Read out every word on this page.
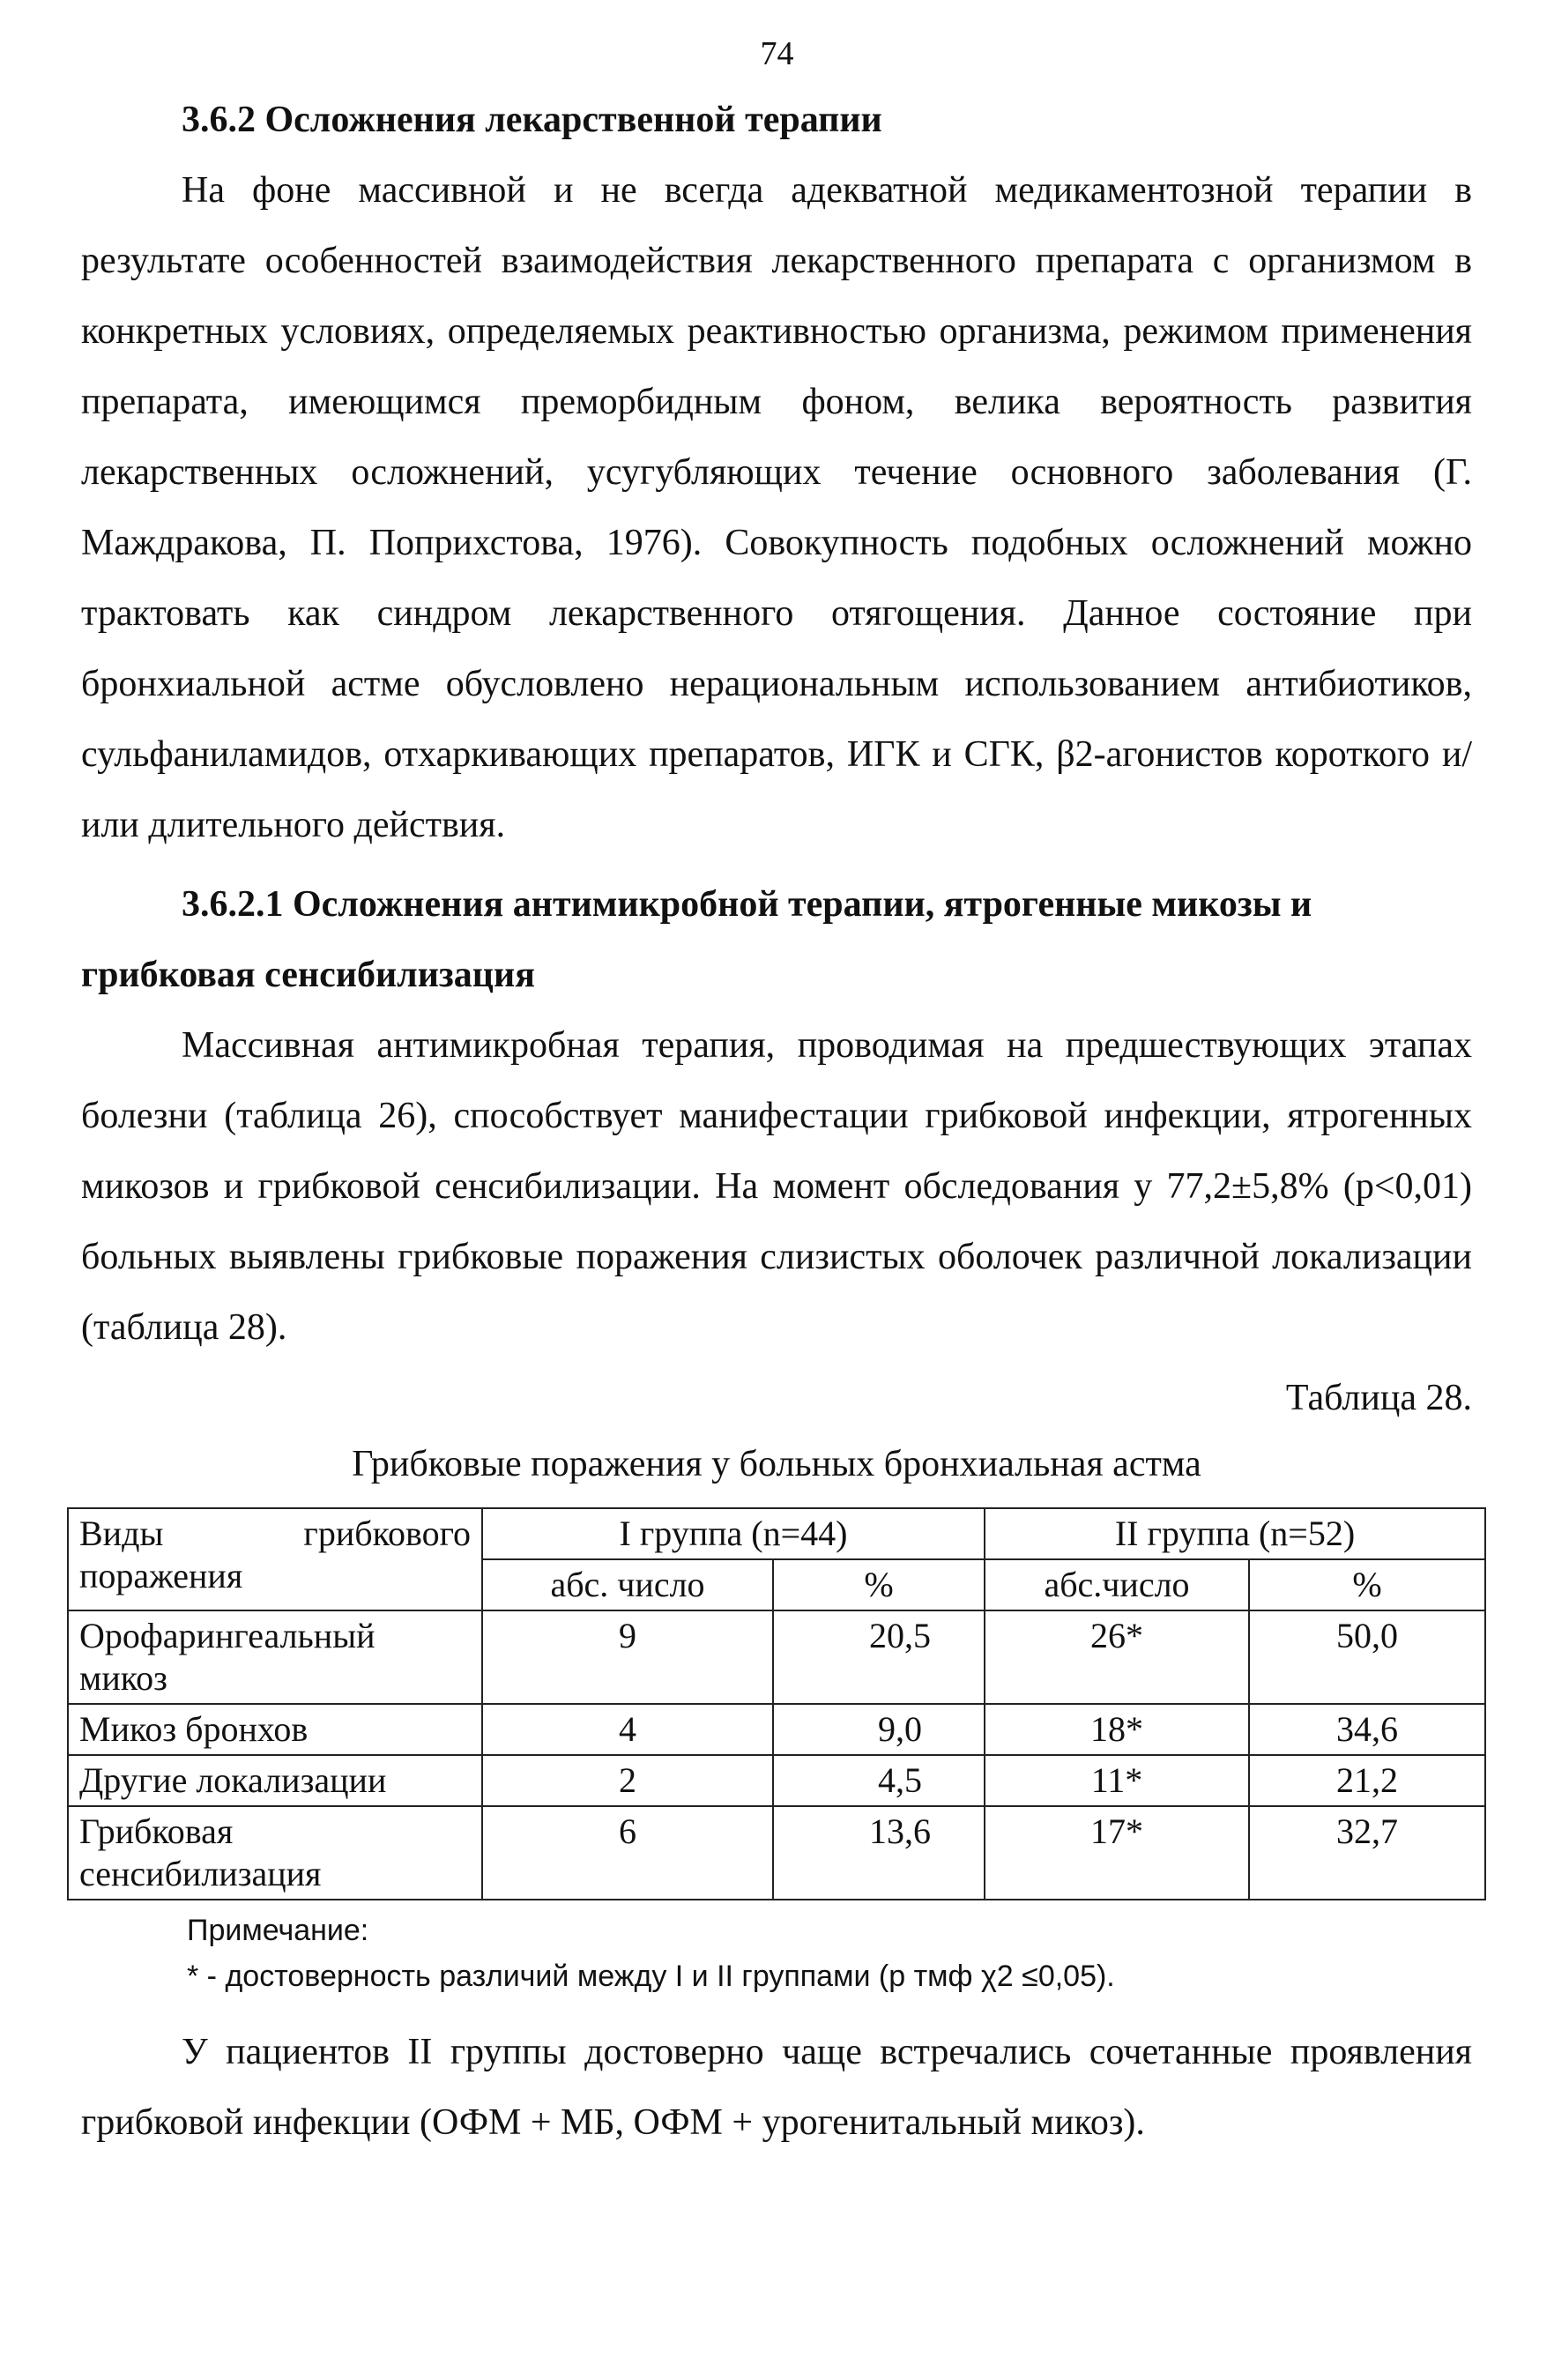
74

3.6.2 Осложнения лекарственной терапии

На фоне массивной и не всегда адекватной медикаментозной терапии в результате особенностей взаимодействия лекарственного препарата с организмом в конкретных условиях, определяемых реактивностью организма, режимом применения препарата, имеющимся преморбидным фоном, велика вероятность развития лекарственных осложнений, усугубляющих течение основного заболевания (Г. Маждракова, П. Поприхстова, 1976). Совокупность подобных осложнений можно трактовать как синдром лекарственного отягощения. Данное состояние при бронхиальной астме обусловлено нерациональным использованием антибиотиков, сульфаниламидов, отхаркивающих препаратов, ИГК и СГК, β2-агонистов короткого и/или длительного действия.

3.6.2.1 Осложнения антимикробной терапии, ятрогенные микозы и грибковая сенсибилизация

Массивная антимикробная терапия, проводимая на предшествующих этапах болезни (таблица 26), способствует манифестации грибковой инфекции, ятрогенных микозов и грибковой сенсибилизации. На момент обследования у 77,2±5,8% (p<0,01) больных выявлены грибковые поражения слизистых оболочек различной локализации (таблица 28).

Таблица 28.

Грибковые поражения у больных бронхиальная астма

Виды грибкового поражения	I группа (n=44)		II группа (n=52)	
	абс. число	%	абс.число	%
Орофарингеальный микоз	9	20,5	26*	50,0
Микоз бронхов	4	9,0	18*	34,6
Другие локализации	2	4,5	11*	21,2
Грибковая сенсибилизация	6	13,6	17*	32,7
Примечание:
* - достоверность различий между I и II группами (р тмф χ2 ≤0,05).

У пациентов II группы достоверно чаще встречались сочетанные проявления грибковой инфекции (ОФМ + МБ, ОФМ + урогенитальный микоз).
